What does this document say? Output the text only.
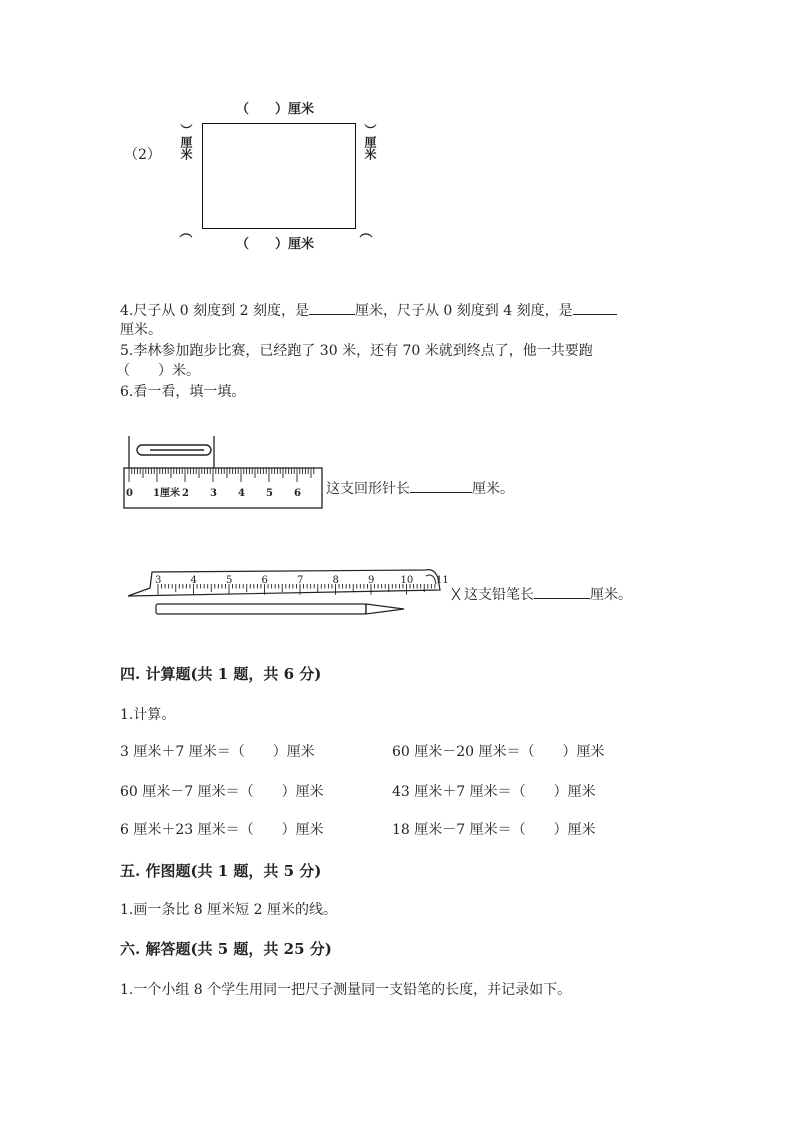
（2）
（　　）厘米
（　　）厘米
）厘米	）厘米
（	（
4.尺子从 0 刻度到 2 刻度，是	厘米，尺子从 0 刻度到 4 刻度，是
厘米。
5.李林参加跑步比赛，已经跑了 30 米，还有 70 米就到终点了，他一共要跑
（　　）米。
6.看一看，填一填。
0 1厘米 2 3 4 5 6 这支回形针长	厘米。
3	4	5	6	7	8	9	10 11
这支铅笔长	厘米。
四. 计算题(共 1 题，共 6 分)
1.计算。
3 厘米＋7 厘米＝（　　）厘米	60 厘米－20 厘米＝（　　）厘米
60 厘米－7 厘米＝（　　）厘米	43 厘米＋7 厘米＝（　　）厘米
6 厘米＋23 厘米＝（　　）厘米	18 厘米－7 厘米＝（　　）厘米
五. 作图题(共 1 题，共 5 分)
1.画一条比 8 厘米短 2 厘米的线。
六. 解答题(共 5 题，共 25 分)
1.一个小组 8 个学生用同一把尺子测量同一支铅笔的长度，并记录如下。
